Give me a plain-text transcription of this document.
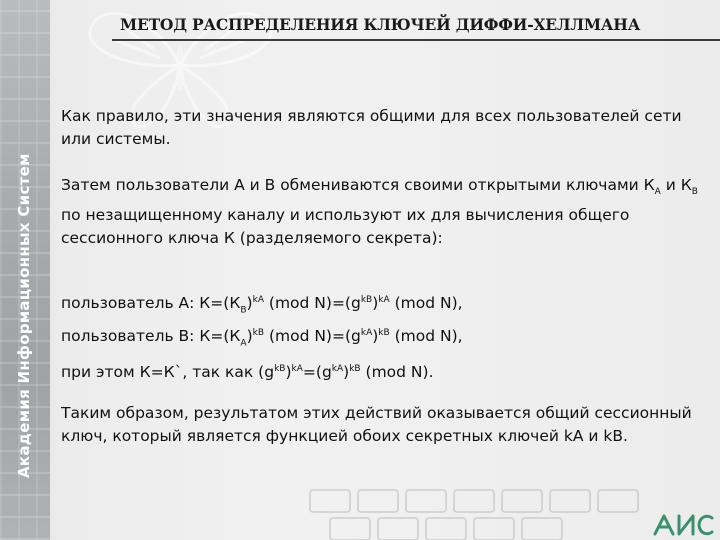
Академия Информационных Систем
МЕТОД РАСПРЕДЕЛЕНИЯ КЛЮЧЕЙ ДИФФИ-ХЕЛЛМАНА
Как правило, эти значения являются общими для всех пользователей сети или системы.
Затем пользователи А и В обмениваются своими открытыми ключами $К_А$ и $К_В$ по незащищенному каналу и используют их для вычисления общего сессионного ключа К (разделяемого секрета):
пользователь А: $К=(К_В)^{kA}$ (mod $N)=(g^{kB})^{kA}$ (mod N),
пользователь В: $К=(К_А)^{kB}$ (mod $N)=(g^{kA})^{kB}$ (mod N),
при этом К=К`, так как $(g^{kB})^{kA}=(g^{kA})^{kB}$ (mod N).
Таким образом, результатом этих действий оказывается общий сессионный ключ, который является функцией обоих секретных ключей kA и kB.
